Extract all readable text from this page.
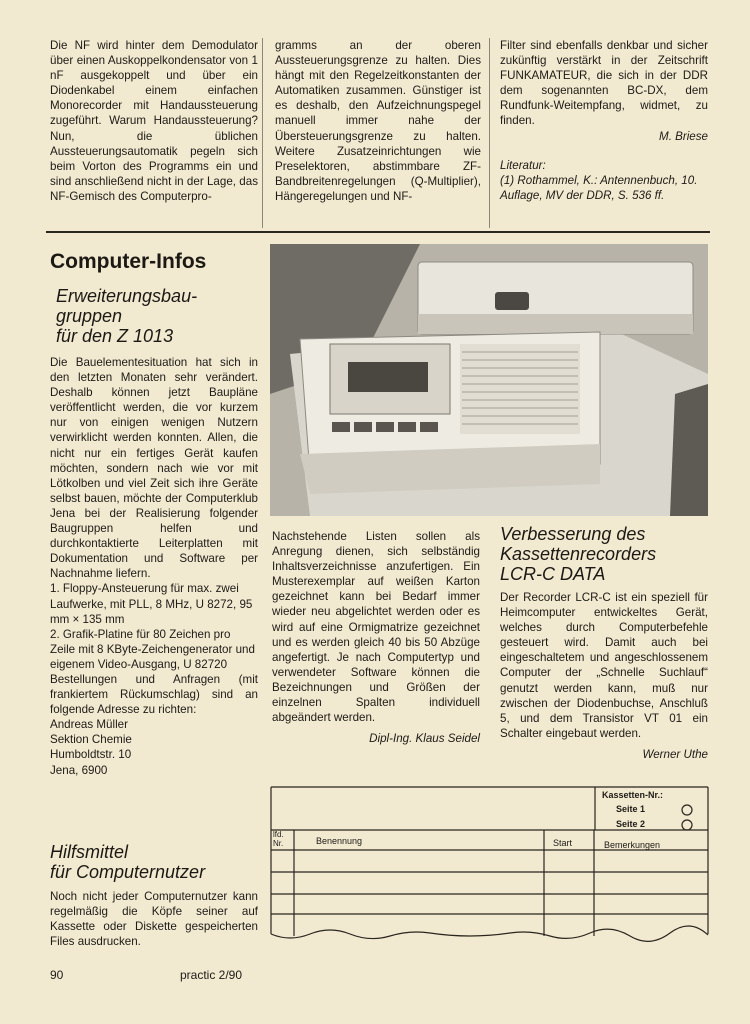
Die NF wird hinter dem Demodulator über einen Auskoppelkondensator von 1 nF ausgekoppelt und über ein Diodenkabel einem einfachen Monorecorder mit Handaussteuerung zugeführt. Warum Handaussteuerung? Nun, die üblichen Aussteuerungsautomatik pegeln sich beim Vorton des Programms ein und sind anschließend nicht in der Lage, das NF-Gemisch des Computerpro-

gramms an der oberen Aussteuerungsgrenze zu halten. Dies hängt mit den Regelzeitkonstanten der Automatiken zusammen. Günstiger ist es deshalb, den Aufzeichnungspegel manuell immer nahe der Übersteuerungsgrenze zu halten. Weitere Zusatzeinrichtungen wie Preselektoren, abstimmbare ZF-Bandbreitenregelungen (Q-Multiplier), Hängeregelungen und NF-

Filter sind ebenfalls denkbar und sicher zukünftig verstärkt in der Zeitschrift FUNKAMATEUR, die sich in der DDR dem sogenannten BC-DX, dem Rundfunk-Weitempfang, widmet, zu finden.

M. Briese

Literatur:

(1) Rothammel, K.: Antennenbuch, 10. Auflage, MV der DDR, S. 536 ff.

Computer-Infos
Erweiterungsbau-
gruppen
für den Z 1013

Die Bauelementesituation hat sich in den letzten Monaten sehr verändert. Deshalb können jetzt Baupläne veröffentlicht werden, die vor kurzem nur von einigen wenigen Nutzern verwirklicht werden konnten. Allen, die nicht nur ein fertiges Gerät kaufen möchten, sondern nach wie vor mit Lötkolben und viel Zeit sich ihre Geräte selbst bauen, möchte der Computerklub Jena bei der Realisierung folgender Baugruppen helfen und durchkontaktierte Leiterplatten mit Dokumentation und Software per Nachnahme liefern.

1. Floppy-Ansteuerung für max. zwei Laufwerke, mit PLL, 8 MHz, U 8272, 95 mm × 135 mm

2. Grafik-Platine für 80 Zeichen pro Zeile mit 8 KByte-Zeichengenerator und eigenem Video-Ausgang, U 82720

Bestellungen und Anfragen (mit frankiertem Rückumschlag) sind an folgende Adresse zu richten:

Andreas Müller

Sektion Chemie

Humboldtstr. 10

Jena, 6900

Hilfsmittel
für Computernutzer

Noch nicht jeder Computernutzer kann regelmäßig die Köpfe seiner auf Kassette oder Diskette gespeicherten Files ausdrucken.

Nachstehende Listen sollen als Anregung dienen, sich selbständig Inhaltsverzeichnisse anzufertigen. Ein Musterexemplar auf weißen Karton gezeichnet kann bei Bedarf immer wieder neu abgelichtet werden oder es wird auf eine Ormigmatrize gezeichnet und es werden gleich 40 bis 50 Abzüge angefertigt. Je nach Computertyp und verwendeter Software können die Bezeichnungen und Größen der einzelnen Spalten individuell abgeändert werden.

Dipl-Ing. Klaus Seidel

Verbesserung des
Kassettenrecorders
LCR-C DATA

Der Recorder LCR-C ist ein speziell für Heimcomputer entwickeltes Gerät, welches durch Computerbefehle gesteuert wird. Damit auch bei eingeschaltetem und angeschlossenem Computer der „Schnelle Suchlauf“ genutzt werden kann, muß nur zwischen der Diodenbuchse, Anschluß 5, und dem Transistor VT 01 ein Schalter eingebaut werden.

Werner Uthe

Kassetten-Nr.:
Seite 1
Seite 2
lfd.
Nr.	Benennung	Start	Bemerkungen
90	practic 2/90
